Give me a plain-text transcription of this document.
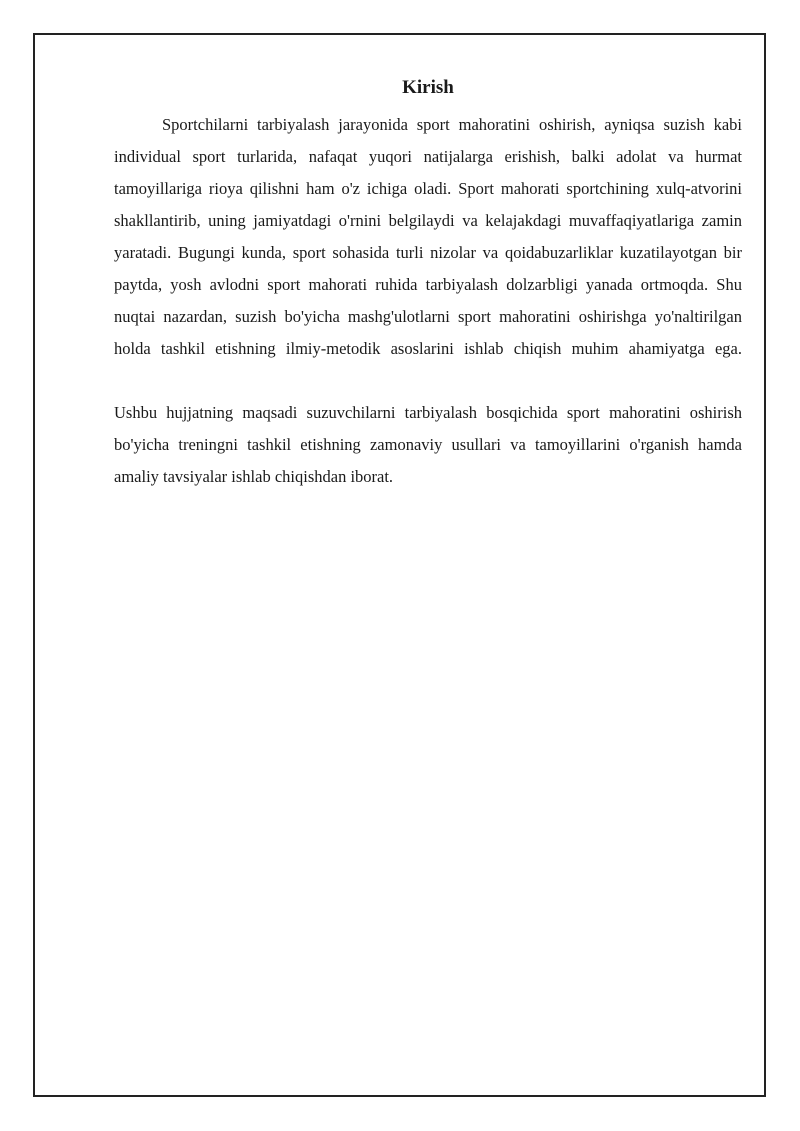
Kirish

Sportchilarni tarbiyalash jarayonida sport mahoratini oshirish, ayniqsa suzish kabi individual sport turlarida, nafaqat yuqori natijalarga erishish, balki adolat va hurmat tamoyillariga rioya qilishni ham o'z ichiga oladi. Sport mahorati sportchining xulq-atvorini shakllantirib, uning jamiyatdagi o'rnini belgilaydi va kelajakdagi muvaffaqiyatlariga zamin yaratadi. Bugungi kunda, sport sohasida turli nizolar va qoidabuzarliklar kuzatilayotgan bir paytda, yosh avlodni sport mahorati ruhida tarbiyalash dolzarbligi yanada ortmoqda. Shu nuqtai nazardan, suzish bo'yicha mashg'ulotlarni sport mahoratini oshirishga yo'naltirilgan holda tashkil etishning ilmiy-metodik asoslarini ishlab chiqish muhim ahamiyatga ega.

Ushbu hujjatning maqsadi suzuvchilarni tarbiyalash bosqichida sport mahoratini oshirish bo'yicha treningni tashkil etishning zamonaviy usullari va tamoyillarini o'rganish hamda amaliy tavsiyalar ishlab chiqishdan iborat.
